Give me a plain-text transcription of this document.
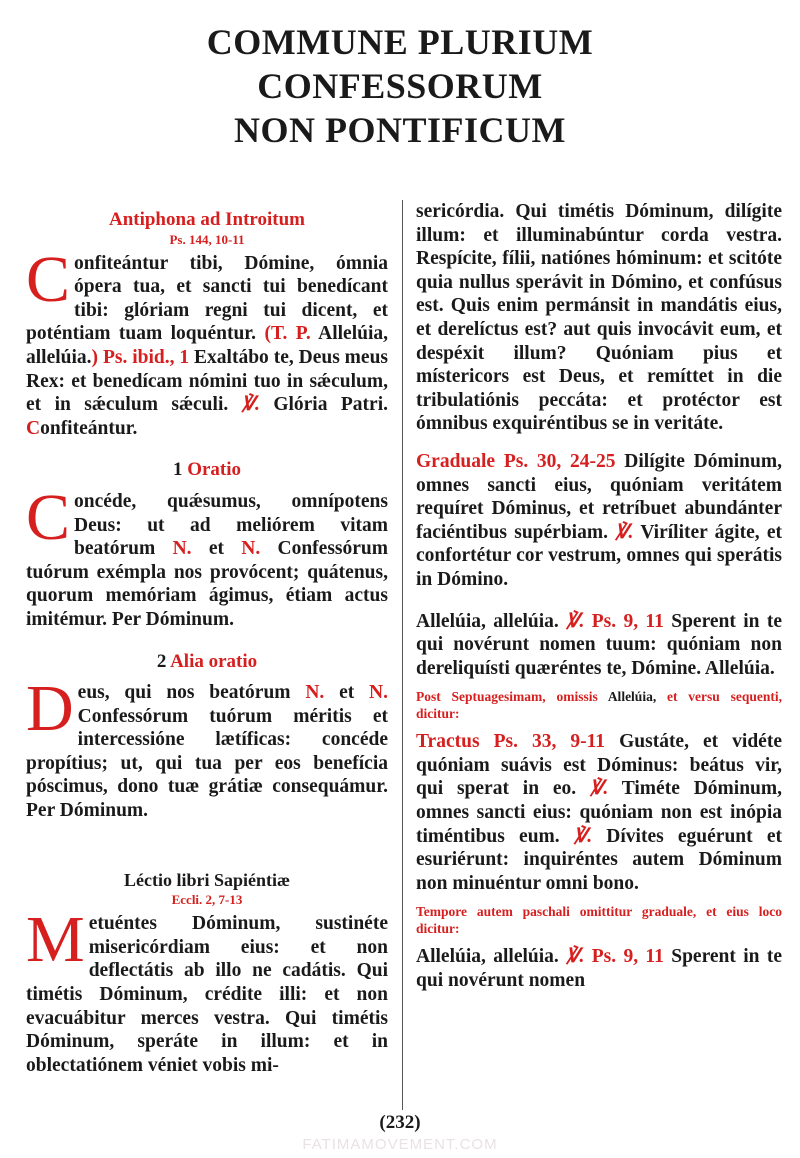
COMMUNE PLURIUM
CONFESSORUM
NON PONTIFICUM

Antiphona ad Introitum

Ps. 144, 10-11

Confiteántur tibi, Dómine, ómnia ópera tua, et sancti tui benedícant tibi: glóriam regni tui dicent, et poténtiam tuam loquéntur. (T. P. Allelúia, allelúia.) Ps. ibid., 1 Exaltábo te, Deus meus Rex: et benedícam nómini tuo in sǽculum, et in sǽculum sǽculi. ℣. Glória Patri. Confiteántur.

1 Oratio

Concéde, quǽsumus, omnípotens Deus: ut ad meliórem vitam beatórum N. et N. Confessórum tuórum exémpla nos provócent; quátenus, quorum memóriam ágimus, étiam actus imitémur. Per Dóminum.

2 Alia oratio

Deus, qui nos beatórum N. et N. Confessórum tuórum méritis et intercessióne lætíficas: concéde propítius; ut, qui tua per eos benefícia póscimus, dono tuæ grátiæ consequámur. Per Dóminum.

Léctio libri Sapiéntiæ

Eccli. 2, 7-13

Metuéntes Dóminum, sustinéte misericórdiam eius: et non deflectátis ab illo ne cadátis. Qui timétis Dóminum, crédite illi: et non evacuábitur merces vestra. Qui timétis Dóminum, speráte in illum: et in oblectatiónem véniet vobis mi-

sericórdia. Qui timétis Dóminum, dilígite illum: et illuminabúntur corda vestra. Respícite, fílii, natiónes hóminum: et scitóte quia nullus sperávit in Dómino, et confúsus est. Quis enim permánsit in mandátis eius, et derelíctus est? aut quis invocávit eum, et despéxit illum? Quóniam pius et místericors est Deus, et remíttet in die tribulatiónis peccáta: et protéctor est ómnibus exquiréntibus se in veritáte.

Graduale Ps. 30, 24-25 Dilígite Dóminum, omnes sancti eius, quóniam veritátem requíret Dóminus, et retríbuet abundánter faciéntibus supérbiam. ℣. Viríliter ágite, et confortétur cor vestrum, omnes qui sperátis in Dómino.

Allelúia, allelúia. ℣. Ps. 9, 11 Sperent in te qui novérunt nomen tuum: quóniam non dereliquísti quæréntes te, Dómine. Allelúia.

Post Septuagesimam, omissis Allelúia, et versu sequenti, dicitur:

Tractus Ps. 33, 9-11 Gustáte, et vidéte quóniam suávis est Dóminus: beátus vir, qui sperat in eo. ℣. Timéte Dóminum, omnes sancti eius: quóniam non est inópia timéntibus eum. ℣. Dívites eguérunt et esuriérunt: inquiréntes autem Dóminum non minuéntur omni bono.

Tempore autem paschali omittitur graduale, et eius loco dicitur:

Allelúia, allelúia. ℣. Ps. 9, 11 Sperent in te qui novérunt nomen

(232)
FATIMAMOVEMENT.COM
